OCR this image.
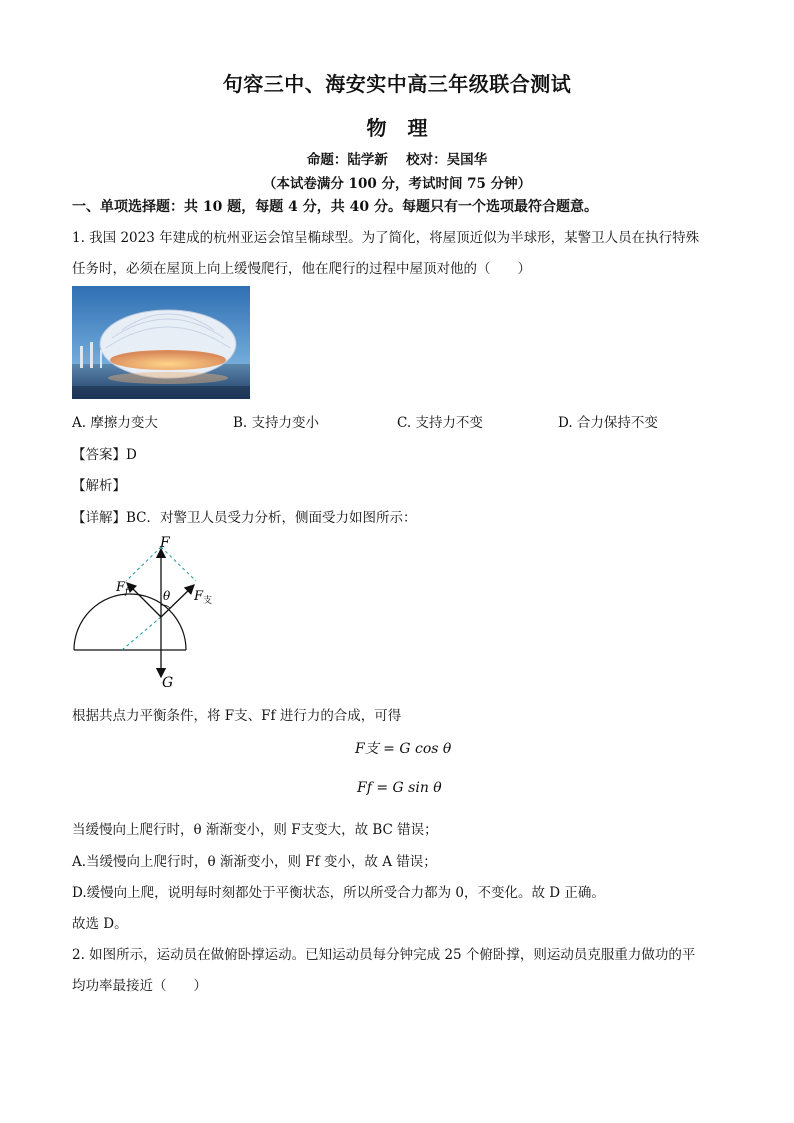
句容三中、海安实中高三年级联合测试
物 理
命题：陆学新　 校对：吴国华
（本试卷满分 100 分，考试时间 75 分钟）
一、单项选择题：共 10 题，每题 4 分，共 40 分。每题只有一个选项最符合题意。
1. 我国 2023 年建成的杭州亚运会馆呈椭球型。为了简化，将屋顶近似为半球形，某警卫人员在执行特殊
任务时，必须在屋顶上向上缓慢爬行，他在爬行的过程中屋顶对他的（　　）
A. 摩擦力变大	B. 支持力变小	C. 支持力不变	D. 合力保持不变
【答案】D
【解析】
【详解】BC．对警卫人员受力分析，侧面受力如图所示：
F
$F_f$	$F_支$
θ
G
根据共点力平衡条件，将 F支、Ff 进行力的合成，可得
F支 = G cos θ
Ff = G sin θ
当缓慢向上爬行时，θ 渐渐变小，则 F支变大，故 BC 错误；
A.当缓慢向上爬行时，θ 渐渐变小，则 Ff 变小，故 A 错误；
D.缓慢向上爬，说明每时刻都处于平衡状态，所以所受合力都为 0，不变化。故 D 正确。
故选 D。
2. 如图所示，运动员在做俯卧撑运动。已知运动员每分钟完成 25 个俯卧撑，则运动员克服重力做功的平
均功率最接近（　　）
